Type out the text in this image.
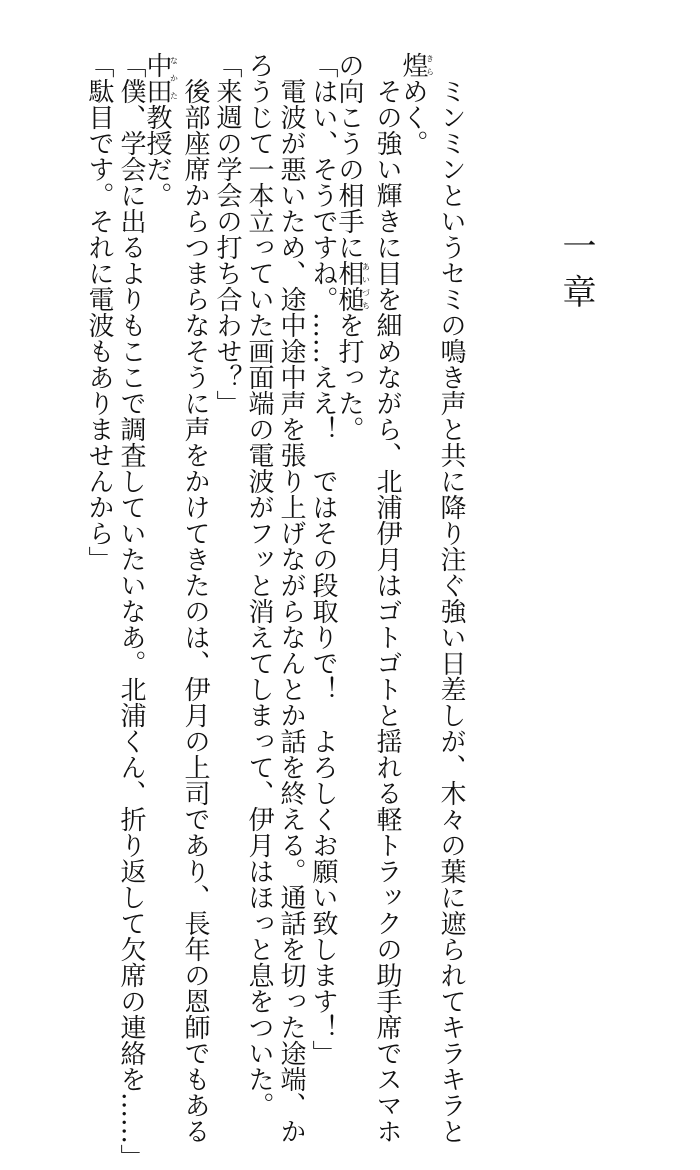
一章
ミンミンというセミの鳴き声と共に降り注ぐ強い日差しが、木々の葉に遮られてキラキラと
煌きらめく。
その強い輝きに目を細めながら、北浦伊月はゴトゴトと揺れる軽トラックの助手席でスマホ
の向こうの相手に相槌あいづちを打った。
「はい、そうですね。……ええ！　ではその段取りで！　よろしくお願い致します！」
電波が悪いため、途中途中声を張り上げながらなんとか話を終える。通話を切った途端、か
ろうじて一本立っていた画面端の電波がフッと消えてしまって、伊月はほっと息をついた。
「来週の学会の打ち合わせ？」
後部座席からつまらなそうに声をかけてきたのは、伊月の上司であり、長年の恩師でもある
中田なかた教授だ。
「僕、学会に出るよりもここで調査していたいなあ。北浦くん、折り返して欠席の連絡を……」
「駄目です。それに電波もありませんから」
